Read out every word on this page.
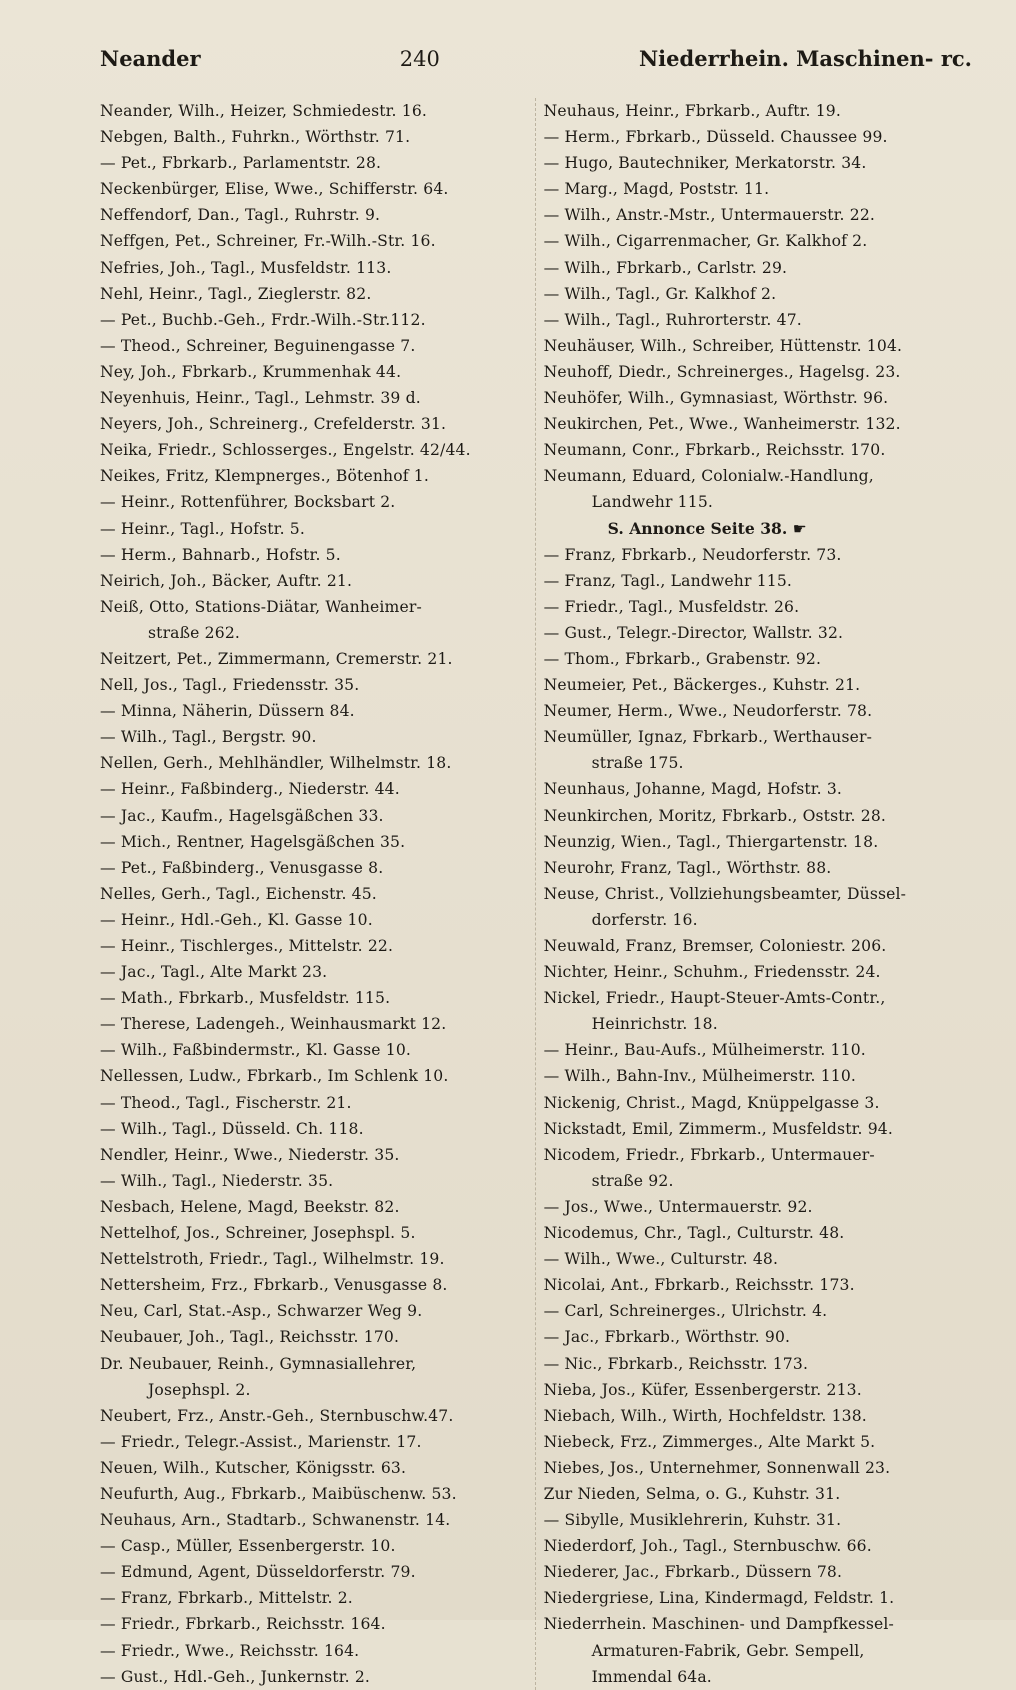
Neander	240	Niederrhein. Maschinen- rc.
Neander, Wilh., Heizer, Schmiedestr. 16.
Nebgen, Balth., Fuhrkn., Wörthstr. 71.
— Pet., Fbrkarb., Parlamentstr. 28.
Neckenbürger, Elise, Wwe., Schifferstr. 64.
Neffendorf, Dan., Tagl., Ruhrstr. 9.
Neffgen, Pet., Schreiner, Fr.-Wilh.-Str. 16.
Nefries, Joh., Tagl., Musfeldstr. 113.
Nehl, Heinr., Tagl., Zieglerstr. 82.
— Pet., Buchb.-Geh., Frdr.-Wilh.-Str.112.
— Theod., Schreiner, Beguinengasse 7.
Ney, Joh., Fbrkarb., Krummenhak 44.
Neyenhuis, Heinr., Tagl., Lehmstr. 39 d.
Neyers, Joh., Schreinerg., Crefelderstr. 31.
Neika, Friedr., Schlosserges., Engelstr. 42/44.
Neikes, Fritz, Klempnerges., Bötenhof 1.
— Heinr., Rottenführer, Bocksbart 2.
— Heinr., Tagl., Hofstr. 5.
— Herm., Bahnarb., Hofstr. 5.
Neirich, Joh., Bäcker, Auftr. 21.
Neiß, Otto, Stations-Diätar, Wanheimer-
straße 262.
Neitzert, Pet., Zimmermann, Cremerstr. 21.
Nell, Jos., Tagl., Friedensstr. 35.
— Minna, Näherin, Düssern 84.
— Wilh., Tagl., Bergstr. 90.
Nellen, Gerh., Mehlhändler, Wilhelmstr. 18.
— Heinr., Faßbinderg., Niederstr. 44.
— Jac., Kaufm., Hagelsgäßchen 33.
— Mich., Rentner, Hagelsgäßchen 35.
— Pet., Faßbinderg., Venusgasse 8.
Nelles, Gerh., Tagl., Eichenstr. 45.
— Heinr., Hdl.-Geh., Kl. Gasse 10.
— Heinr., Tischlerges., Mittelstr. 22.
— Jac., Tagl., Alte Markt 23.
— Math., Fbrkarb., Musfeldstr. 115.
— Therese, Ladengeh., Weinhausmarkt 12.
— Wilh., Faßbindermstr., Kl. Gasse 10.
Nellessen, Ludw., Fbrkarb., Im Schlenk 10.
— Theod., Tagl., Fischerstr. 21.
— Wilh., Tagl., Düsseld. Ch. 118.
Nendler, Heinr., Wwe., Niederstr. 35.
— Wilh., Tagl., Niederstr. 35.
Nesbach, Helene, Magd, Beekstr. 82.
Nettelhof, Jos., Schreiner, Josephspl. 5.
Nettelstroth, Friedr., Tagl., Wilhelmstr. 19.
Nettersheim, Frz., Fbrkarb., Venusgasse 8.
Neu, Carl, Stat.-Asp., Schwarzer Weg 9.
Neubauer, Joh., Tagl., Reichsstr. 170.
Dr. Neubauer, Reinh., Gymnasiallehrer,
Josephspl. 2.
Neubert, Frz., Anstr.-Geh., Sternbuschw.47.
— Friedr., Telegr.-Assist., Marienstr. 17.
Neuen, Wilh., Kutscher, Königsstr. 63.
Neufurth, Aug., Fbrkarb., Maibüschenw. 53.
Neuhaus, Arn., Stadtarb., Schwanenstr. 14.
— Casp., Müller, Essenbergerstr. 10.
— Edmund, Agent, Düsseldorferstr. 79.
— Franz, Fbrkarb., Mittelstr. 2.
— Friedr., Fbrkarb., Reichsstr. 164.
— Friedr., Wwe., Reichsstr. 164.
— Gust., Hdl.-Geh., Junkernstr. 2.
Neuhaus, Heinr., Fbrkarb., Auftr. 19.
— Herm., Fbrkarb., Düsseld. Chaussee 99.
— Hugo, Bautechniker, Merkatorstr. 34.
— Marg., Magd, Poststr. 11.
— Wilh., Anstr.-Mstr., Untermauerstr. 22.
— Wilh., Cigarrenmacher, Gr. Kalkhof 2.
— Wilh., Fbrkarb., Carlstr. 29.
— Wilh., Tagl., Gr. Kalkhof 2.
— Wilh., Tagl., Ruhrorterstr. 47.
Neuhäuser, Wilh., Schreiber, Hüttenstr. 104.
Neuhoff, Diedr., Schreinerges., Hagelsg. 23.
Neuhöfer, Wilh., Gymnasiast, Wörthstr. 96.
Neukirchen, Pet., Wwe., Wanheimerstr. 132.
Neumann, Conr., Fbrkarb., Reichsstr. 170.
Neumann, Eduard, Colonialw.-Handlung,
Landwehr 115.
S. Annonce Seite 38. ☛
— Franz, Fbrkarb., Neudorferstr. 73.
— Franz, Tagl., Landwehr 115.
— Friedr., Tagl., Musfeldstr. 26.
— Gust., Telegr.-Director, Wallstr. 32.
— Thom., Fbrkarb., Grabenstr. 92.
Neumeier, Pet., Bäckerges., Kuhstr. 21.
Neumer, Herm., Wwe., Neudorferstr. 78.
Neumüller, Ignaz, Fbrkarb., Werthauser-
straße 175.
Neunhaus, Johanne, Magd, Hofstr. 3.
Neunkirchen, Moritz, Fbrkarb., Oststr. 28.
Neunzig, Wien., Tagl., Thiergartenstr. 18.
Neurohr, Franz, Tagl., Wörthstr. 88.
Neuse, Christ., Vollziehungsbeamter, Düssel-
dorferstr. 16.
Neuwald, Franz, Bremser, Coloniestr. 206.
Nichter, Heinr., Schuhm., Friedensstr. 24.
Nickel, Friedr., Haupt-Steuer-Amts-Contr.,
Heinrichstr. 18.
— Heinr., Bau-Aufs., Mülheimerstr. 110.
— Wilh., Bahn-Inv., Mülheimerstr. 110.
Nickenig, Christ., Magd, Knüppelgasse 3.
Nickstadt, Emil, Zimmerm., Musfeldstr. 94.
Nicodem, Friedr., Fbrkarb., Untermauer-
straße 92.
— Jos., Wwe., Untermauerstr. 92.
Nicodemus, Chr., Tagl., Culturstr. 48.
— Wilh., Wwe., Culturstr. 48.
Nicolai, Ant., Fbrkarb., Reichsstr. 173.
— Carl, Schreinerges., Ulrichstr. 4.
— Jac., Fbrkarb., Wörthstr. 90.
— Nic., Fbrkarb., Reichsstr. 173.
Nieba, Jos., Küfer, Essenbergerstr. 213.
Niebach, Wilh., Wirth, Hochfeldstr. 138.
Niebeck, Frz., Zimmerges., Alte Markt 5.
Niebes, Jos., Unternehmer, Sonnenwall 23.
Zur Nieden, Selma, o. G., Kuhstr. 31.
— Sibylle, Musiklehrerin, Kuhstr. 31.
Niederdorf, Joh., Tagl., Sternbuschw. 66.
Niederer, Jac., Fbrkarb., Düssern 78.
Niedergriese, Lina, Kindermagd, Feldstr. 1.
Niederrhein. Maschinen- und Dampfkessel-
Armaturen-Fabrik, Gebr. Sempell,
Immendal 64a.
